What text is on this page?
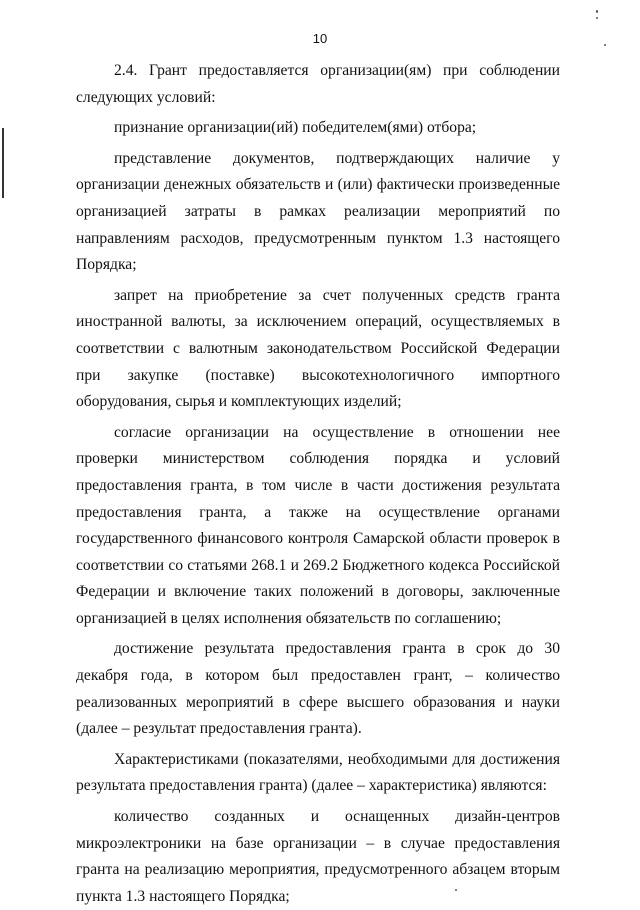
10

2.4. Грант предоставляется организации(ям) при соблюдении следующих условий:

признание организации(ий) победителем(ями) отбора;

представление документов, подтверждающих наличие у организации денежных обязательств и (или) фактически произведенные организацией затраты в рамках реализации мероприятий по направлениям расходов, предусмотренным пунктом 1.3 настоящего Порядка;

запрет на приобретение за счет полученных средств гранта иностранной валюты, за исключением операций, осуществляемых в соответствии с валютным законодательством Российской Федерации при закупке (поставке) высокотехнологичного импортного оборудования, сырья и комплектующих изделий;

согласие организации на осуществление в отношении нее проверки министерством соблюдения порядка и условий предоставления гранта, в том числе в части достижения результата предоставления гранта, а также на осуществление органами государственного финансового контроля Самарской области проверок в соответствии со статьями 268.1 и 269.2 Бюджетного кодекса Российской Федерации и включение таких положений в договоры, заключенные организацией в целях исполнения обязательств по соглашению;

достижение результата предоставления гранта в срок до 30 декабря года, в котором был предоставлен грант, – количество реализованных мероприятий в сфере высшего образования и науки (далее – результат предоставления гранта).

Характеристиками (показателями, необходимыми для достижения результата предоставления гранта) (далее – характеристика) являются:

количество созданных и оснащенных дизайн-центров микроэлектроники на базе организации – в случае предоставления гранта на реализацию мероприятия, предусмотренного абзацем вторым пункта 1.3 настоящего Порядка;
